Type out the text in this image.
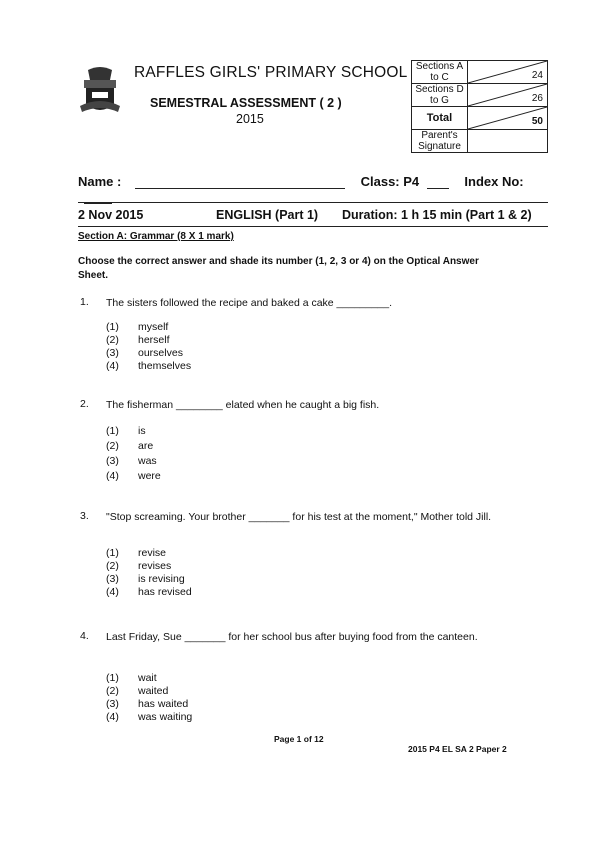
RAFFLES GIRLS' PRIMARY SCHOOL
SEMESTRAL ASSESSMENT ( 2 )
2015
Sections A to C	24

Sections D to G	26

Total	50

Parent's Signature	
Name :	Class: P4	Index No:
2 Nov 2015	ENGLISH (Part 1) Duration: 1 h 15 min (Part 1 & 2)
Section A: Grammar (8 X 1 mark)
Choose the correct answer and shade its number (1, 2, 3 or 4) on the Optical Answer Sheet.
1. The sisters followed the recipe and baked a cake _________.
(1) myself
(2) herself
(3) ourselves
(4) themselves
2. The fisherman ________ elated when he caught a big fish.
(1) is
(2) are
(3) was
(4) were
3. "Stop screaming. Your brother _______ for his test at the moment," Mother told Jill.
(1) revise
(2) revises
(3) is revising
(4) has revised
4. Last Friday, Sue _______ for her school bus after buying food from the canteen.
(1) wait
(2) waited
(3) has waited
(4) was waiting
Page 1 of 12
2015 P4 EL SA 2 Paper 2
